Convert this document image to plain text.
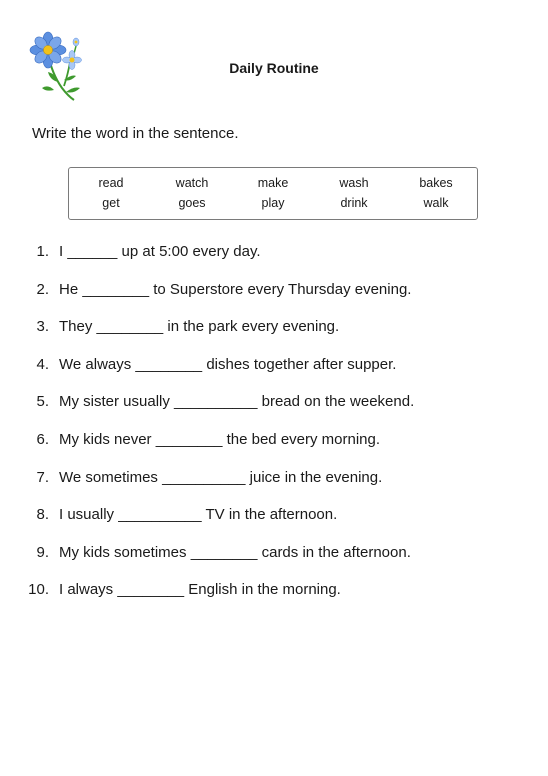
Daily Routine
Write the word in the sentence.
read	watch	make	wash	bakes
get	goes	play	drink	walk
1. I ______ up at 5:00 every day.
2. He ________ to Superstore every Thursday evening.
3. They ________ in the park every evening.
4. We always ________ dishes together after supper.
5. My sister usually __________ bread on the weekend.
6. My kids never ________ the bed every morning.
7. We sometimes __________ juice in the evening.
8. I usually __________ TV in the afternoon.
9. My kids sometimes ________ cards in the afternoon.
10. I always ________ English in the morning.
